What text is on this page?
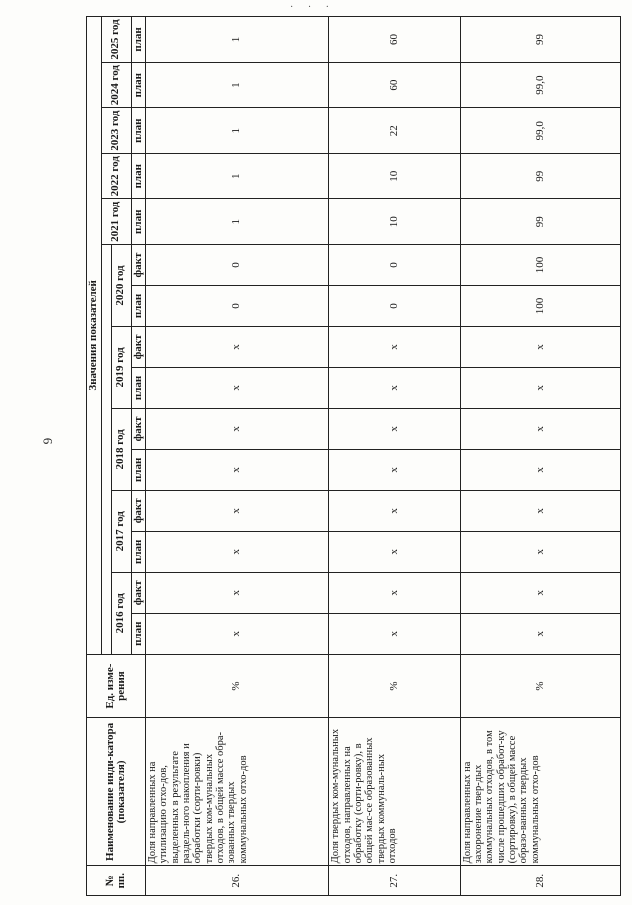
6
· · ·
№ пп.	Наименование инди-катора (показателя)	Ед. изме-рения	Значения показателей														
													2021 год	2022 год	2023 год	2024 год	2025 год
			2016 год		2017 год		2018 год		2019 год		2020 год						
			план	факт	план	факт	план	факт	план	факт	план	факт	план	план	план	план	план
26.	Доля направленных на утилизацию отхо-дов, выделенных в результате раздель-ного накопления и обработки (сорти-ровки) твердых ком-мунальных отходов, в общей массе обра-зованных твердых коммунальных отхо-дов	%	x	x	x	x	x	x	x	x	0	0	1	1	1	1	1
27.	Доля твердых ком-мунальных отходов, направленных на обработку (сорти-ровку), в общей мас-се образованных твердых коммуналь-ных отходов	%	x	x	x	x	x	x	x	x	0	0	10	10	22	60	60
28.	Доля направленных на захоронение твер-дых коммунальных отходов, в том числе прошедших обработ-ку (сортировку), в общей массе образо-ванных твердых коммунальных отхо-дов	%	x	x	x	x	x	x	x	x	100	100	99	99	99,0	99,0	99
